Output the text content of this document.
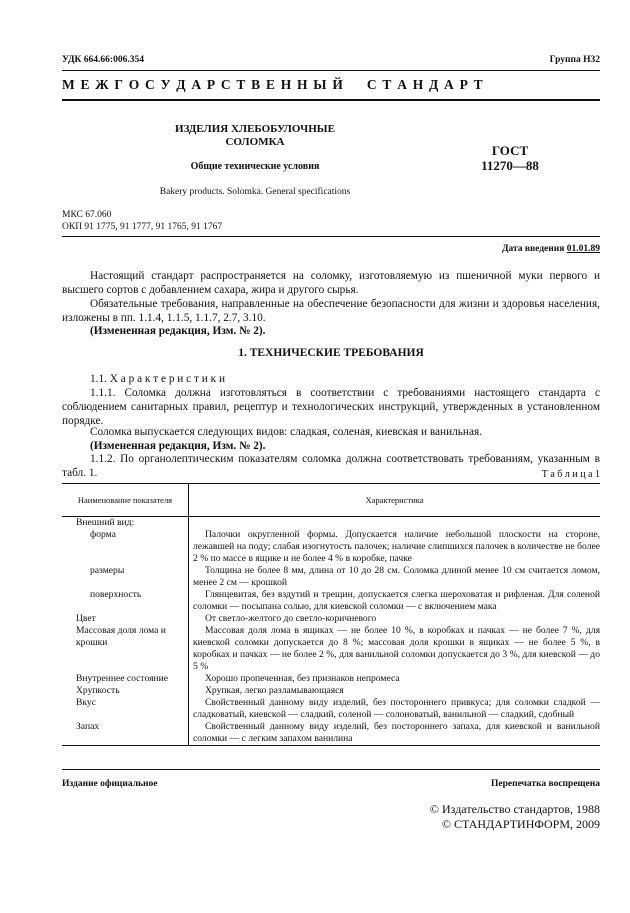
УДК 664.66:006.354	Группа Н32
М Е Ж Г О С У Д А Р С Т В Е Н Н Ы Й     С Т А Н Д А Р Т
ИЗДЕЛИЯ ХЛЕБОБУЛОЧНЫЕ
СОЛОМКА
Общие технические условия
ГОСТ
11270—88
Bakery products. Solomka. General specifications
МКС 67.060
ОКП 91 1775, 91 1777, 91 1765, 91 1767
Дата введения 01.01.89
Настоящий стандарт распространяется на соломку, изготовляемую из пшеничной муки первого и высшего сортов с добавлением сахара, жира и другого сырья.
Обязательные требования, направленные на обеспечение безопасности для жизни и здоровья населения, изложены в пп. 1.1.4, 1.1.5, 1.1.7, 2.7, 3.10.
(Измененная редакция, Изм. № 2).
1. ТЕХНИЧЕСКИЕ ТРЕБОВАНИЯ
1.1. Х а р а к т е р и с т и к и
1.1.1. Соломка должна изготовляться в соответствии с требованиями настоящего стандарта с соблюдением санитарных правил, рецептур и технологических инструкций, утвержденных в установленном порядке.
Соломка выпускается следующих видов: сладкая, соленая, киевская и ванильная.
(Измененная редакция, Изм. № 2).
1.1.2. По органолептическим показателям соломка должна соответствовать требованиям, указанным в табл. 1.	Т а б л и ц а 1
Наименование показателя	Характеристика
Внешний вид:	
форма	Палочки округленной формы. Допускается наличие небольшой плоскости на стороне, лежавшей на поду; слабая изогнутость палочек; наличие слипшихся палочек в количестве не более 2 % по массе в ящике и не более 4 % в коробке, пачке
размеры	Толщина не более 8 мм, длина от 10 до 28 см. Соломка длиной менее 10 см считается ломом, менее 2 см — крошкой
поверхность	Глянцевитая, без вздутий и трещин, допускается слегка шероховатая и рифленая. Для соленой соломки — посыпана солью, для киевской соломки — с включением мака
Цвет	От светло-желтого до светло-коричневого
Массовая доля лома и крошки	Массовая доля лома в ящиках — не более 10 %, в коробках и пачках — не более 7 %, для киевской соломки допускается до 8 %; массовая доля крошки в ящиках — не более 5 %, в коробках и пачках — не более 2 %, для ванильной соломки допускается до 3 %, для киевской — до 5 %
Внутреннее состояние	Хорошо пропеченная, без признаков непромеса
Хрупкость	Хрупкая, легко разламывающаяся
Вкус	Свойственный данному виду изделий, без постороннего привкуса; для соломки сладкой — сладковатый, киевской — сладкий, соленой — солоноватый, ванильной — сладкий, сдобный
Запах	Свойственный данному виду изделий, без постороннего запаха, для киевской и ванильной соломки — с легким запахом ванилина
Издание официальное	Перепечатка воспрещена
© Издательство стандартов, 1988
© СТАНДАРТИНФОРМ, 2009
